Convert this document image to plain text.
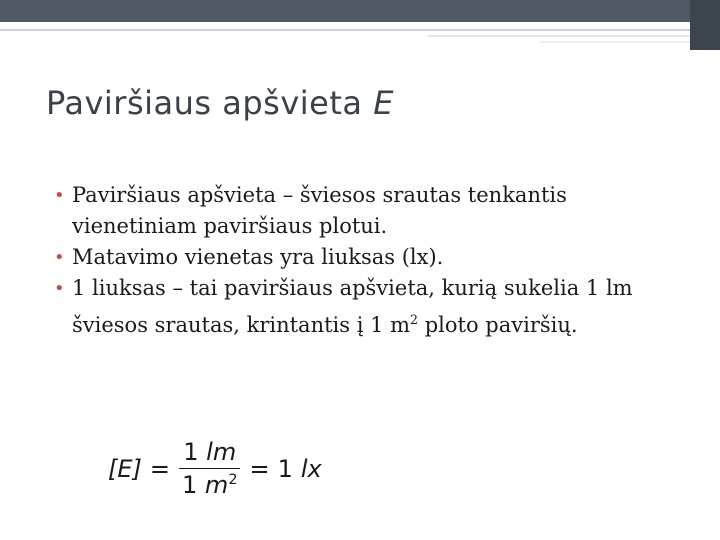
Paviršiaus apšvieta E
• Paviršiaus apšvieta – šviesos srautas tenkantis vienetiniam paviršiaus plotui.
• Matavimo vienetas yra liuksas (lx).
• 1 liuksas – tai paviršiaus apšvieta, kurią sukelia 1 lm šviesos srautas, krintantis į 1 $m^2$ ploto paviršių.
$[E] = \frac{1 lm}{1 m^2} = 1$ lx
